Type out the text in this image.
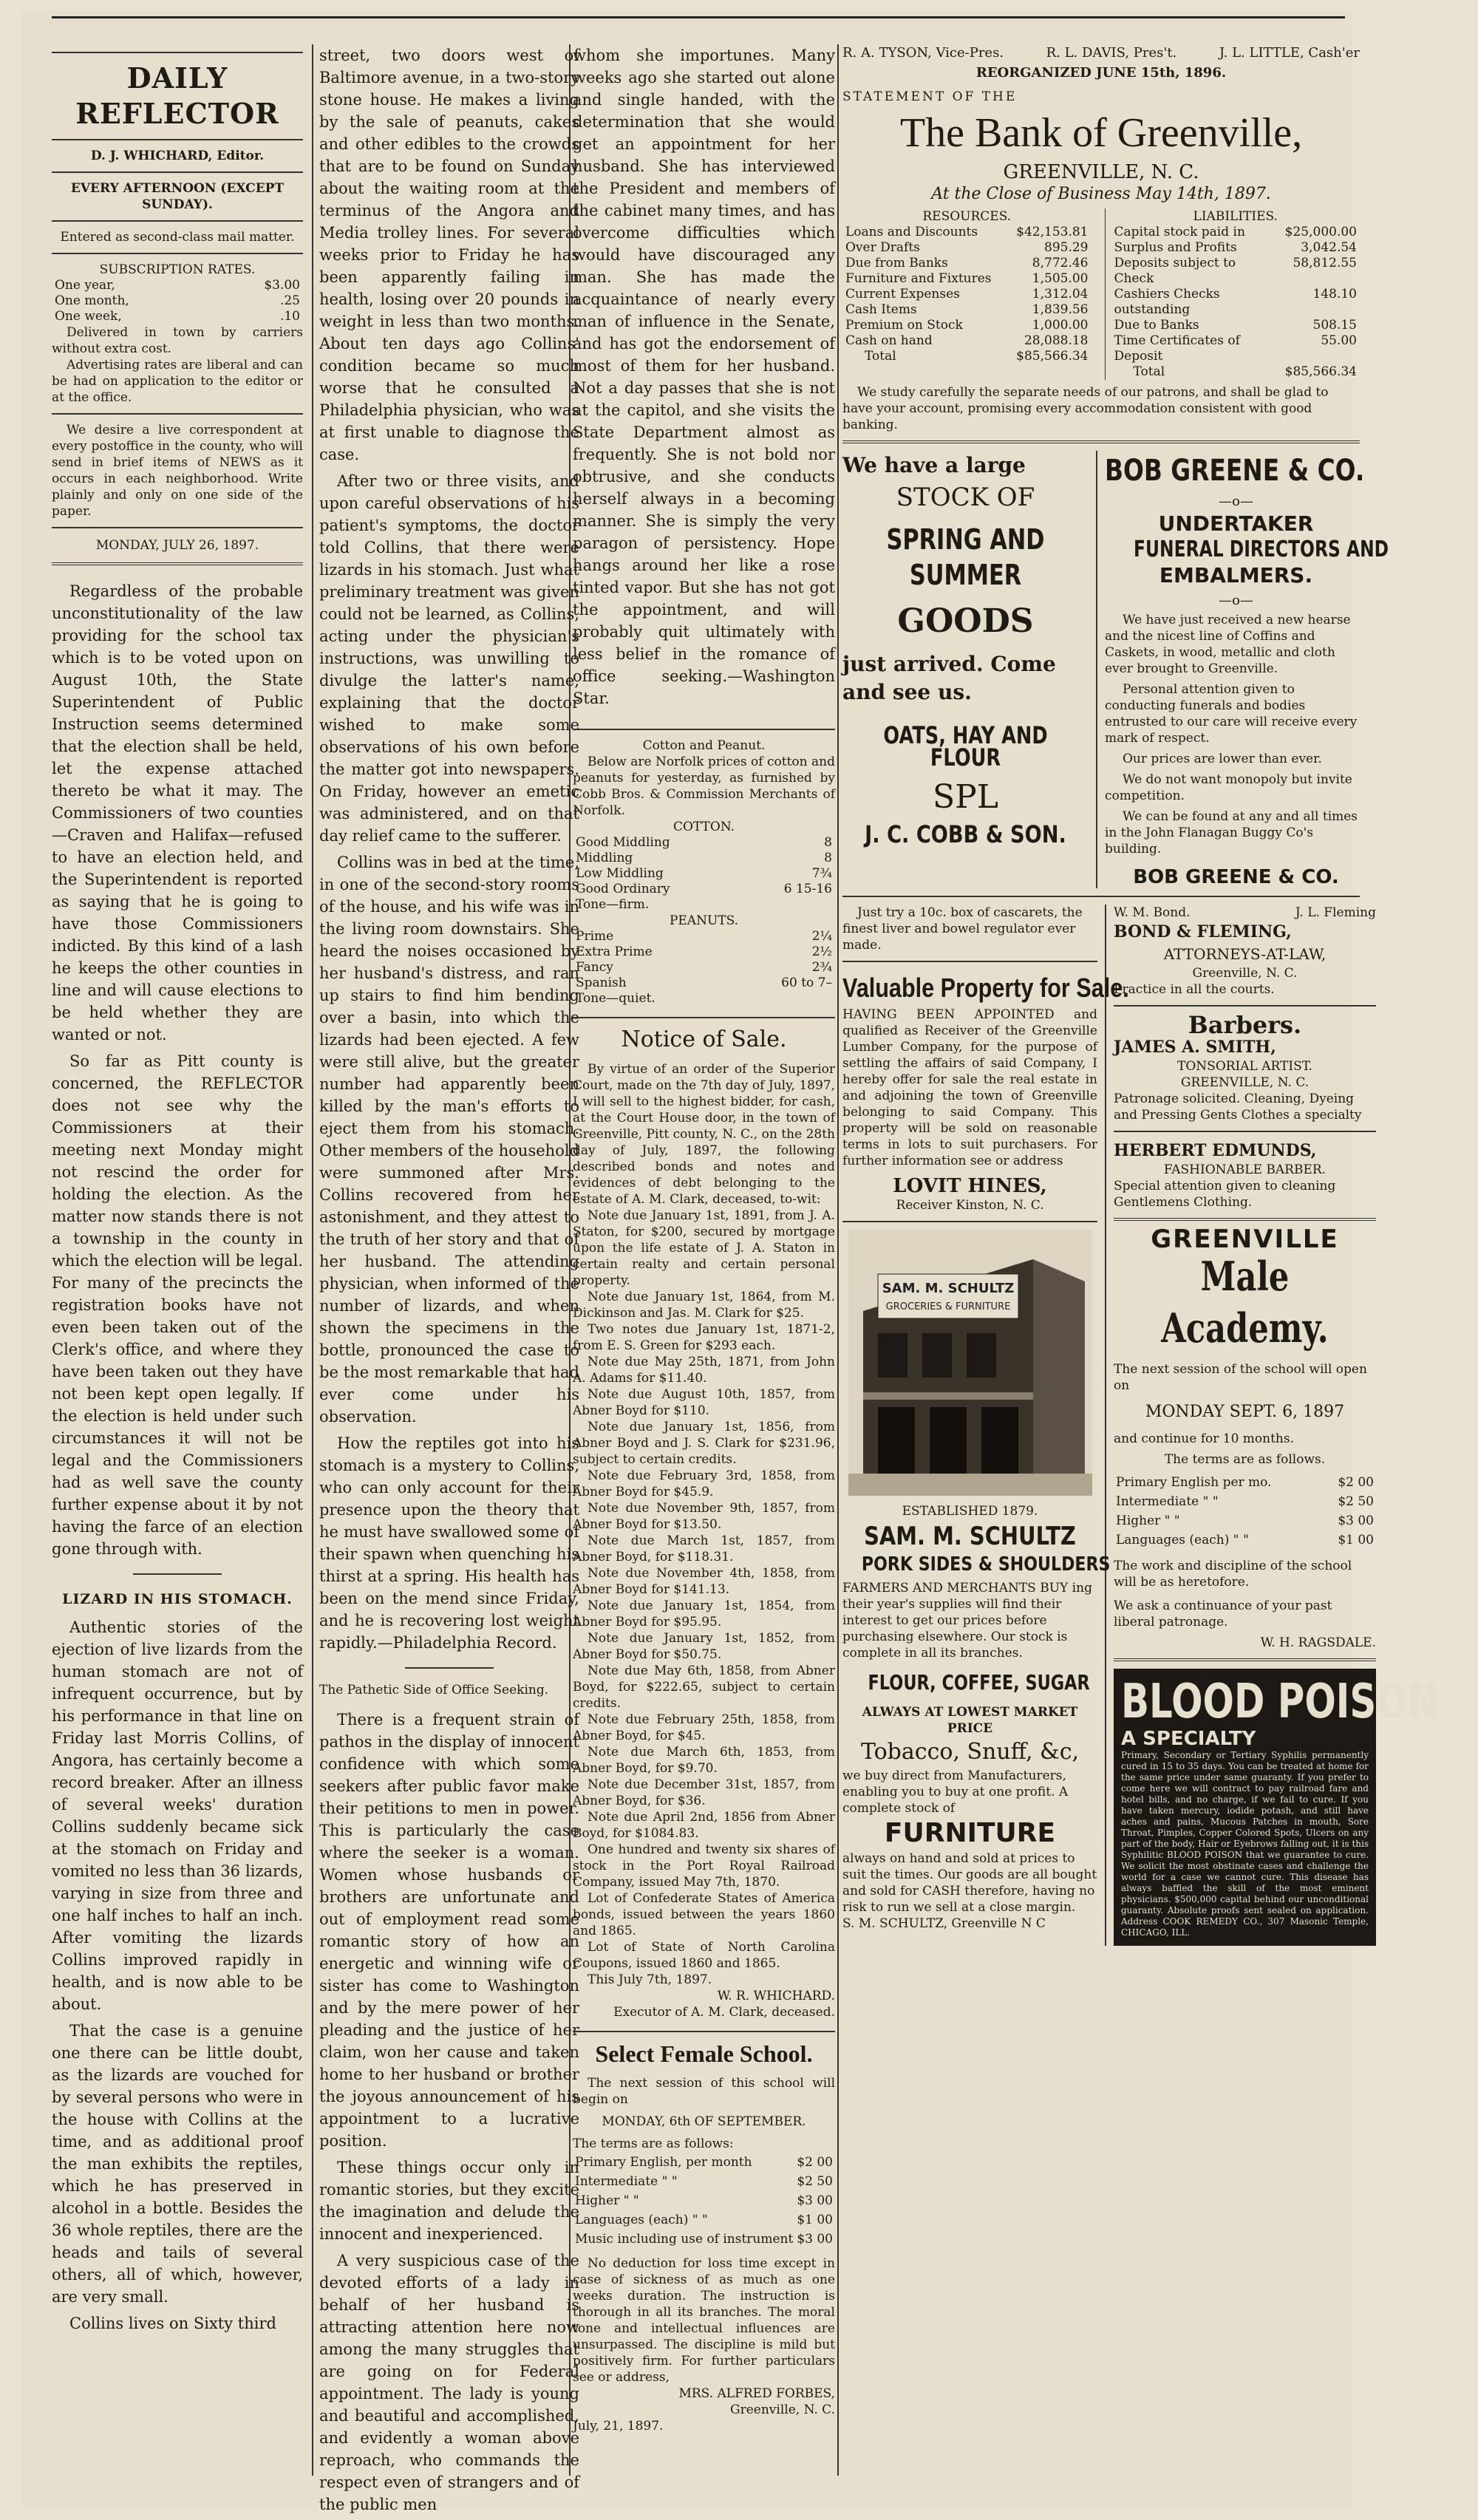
DAILY REFLECTOR
D. J. WHICHARD, Editor.
EVERY AFTERNOON (EXCEPT SUNDAY).
Entered as second-class mail matter.
SUBSCRIPTION RATES.
One year,	$3.00
One month,	.25
One week,	.10
Delivered in town by carriers without extra cost.
Advertising rates are liberal and can be had on application to the editor or at the office.
We desire a live correspondent at every postoffice in the county, who will send in brief items of NEWS as it occurs in each neighborhood. Write plainly and only on one side of the paper.
MONDAY, JULY 26, 1897.

Regardless of the probable unconstitutionality of the law providing for the school tax which is to be voted upon on August 10th, the State Superintendent of Public Instruction seems determined that the election shall be held, let the expense attached thereto be what it may. The Commissioners of two counties—Craven and Halifax—refused to have an election held, and the Superintendent is reported as saying that he is going to have those Commissioners indicted. By this kind of a lash he keeps the other counties in line and will cause elections to be held whether they are wanted or not.

So far as Pitt county is concerned, the REFLECTOR does not see why the Commissioners at their meeting next Monday might not rescind the order for holding the election. As the matter now stands there is not a township in the county in which the election will be legal. For many of the precincts the registration books have not even been taken out of the Clerk's office, and where they have been taken out they have not been kept open legally. If the election is held under such circumstances it will not be legal and the Commissioners had as well save the county further expense about it by not having the farce of an election gone through with.

LIZARD IN HIS STOMACH.

Authentic stories of the ejection of live lizards from the human stomach are not of infrequent occurrence, but by his performance in that line on Friday last Morris Collins, of Angora, has certainly become a record breaker. After an illness of several weeks' duration Collins suddenly became sick at the stomach on Friday and vomited no less than 36 lizards, varying in size from three and one half inches to half an inch. After vomiting the lizards Collins improved rapidly in health, and is now able to be about.

That the case is a genuine one there can be little doubt, as the lizards are vouched for by several persons who were in the house with Collins at the time, and as additional proof the man exhibits the reptiles, which he has preserved in alcohol in a bottle. Besides the 36 whole reptiles, there are the heads and tails of several others, all of which, however, are very small.

Collins lives on Sixty third

street, two doors west of Baltimore avenue, in a two-story stone house. He makes a living by the sale of peanuts, cakes and other edibles to the crowds that are to be found on Sunday about the waiting room at the terminus of the Angora and Media trolley lines. For several weeks prior to Friday he has been apparently failing in health, losing over 20 pounds in weight in less than two months. About ten days ago Collins' condition became so much worse that he consulted a Philadelphia physician, who was at first unable to diagnose the case.

After two or three visits, and upon careful observations of his patient's symptoms, the doctor told Collins, that there were lizards in his stomach. Just what preliminary treatment was given could not be learned, as Collins, acting under the physician's instructions, was unwilling to divulge the latter's name, explaining that the doctor wished to make some observations of his own before the matter got into newspapers. On Friday, however an emetic was administered, and on that day relief came to the sufferer.

Collins was in bed at the time, in one of the second-story rooms of the house, and his wife was in the living room downstairs. She heard the noises occasioned by her husband's distress, and ran up stairs to find him bending over a basin, into which the lizards had been ejected. A few were still alive, but the greater number had apparently been killed by the man's efforts to eject them from his stomach. Other members of the household were summoned after Mrs. Collins recovered from her astonishment, and they attest to the truth of her story and that of her husband. The attending physician, when informed of the number of lizards, and when shown the specimens in the bottle, pronounced the case to be the most remarkable that had ever come under his observation.

How the reptiles got into his stomach is a mystery to Collins, who can only account for their presence upon the theory that he must have swallowed some of their spawn when quenching his thirst at a spring. His health has been on the mend since Friday, and he is recovering lost weight rapidly.—Philadelphia Record.

The Pathetic Side of Office Seeking.

There is a frequent strain of pathos in the display of innocent confidence with which some seekers after public favor make their petitions to men in power. This is particularly the case where the seeker is a woman. Women whose husbands or brothers are unfortunate and out of employment read some romantic story of how an energetic and winning wife or sister has come to Washington and by the mere power of her pleading and the justice of her claim, won her cause and taken home to her husband or brother the joyous announcement of his appointment to a lucrative position.

These things occur only in romantic stories, but they excite the imagination and delude the innocent and inexperienced.

A very suspicious case of the devoted efforts of a lady in behalf of her husband is attracting attention here now among the many struggles that are going on for Federal appointment. The lady is young and beautiful and accomplished, and evidently a woman above reproach, who commands the respect even of strangers and of the public men

whom she importunes. Many weeks ago she started out alone and single handed, with the determination that she would get an appointment for her husband. She has interviewed the President and members of the cabinet many times, and has overcome difficulties which would have discouraged any man. She has made the acquaintance of nearly every man of influence in the Senate, and has got the endorsement of most of them for her husband. Not a day passes that she is not at the capitol, and she visits the State Department almost as frequently. She is not bold nor obtrusive, and she conducts herself always in a becoming manner. She is simply the very paragon of persistency. Hope hangs around her like a rose tinted vapor. But she has not got the appointment, and will probably quit ultimately with less belief in the romance of office seeking.—Washington Star.

Cotton and Peanut.
Below are Norfolk prices of cotton and peanuts for yesterday, as furnished by Cobb Bros. & Commission Merchants of Norfolk.
COTTON.
Good Middling	8
Middling	8
Low Middling	7¾
Good Ordinary	6 15-16
Tone—firm.	
PEANUTS.
Prime	2¼
Extra Prime	2½
Fancy	2¾
Spanish	60 to 7–
Tone—quiet.	
Notice of Sale.
By virtue of an order of the Superior Court, made on the 7th day of July, 1897, I will sell to the highest bidder, for cash, at the Court House door, in the town of Greenville, Pitt county, N. C., on the 28th day of July, 1897, the following described bonds and notes and evidences of debt belonging to the estate of A. M. Clark, deceased, to-wit:
Note due January 1st, 1891, from J. A. Staton, for $200, secured by mortgage upon the life estate of J. A. Staton in certain realty and certain personal property.
Note due January 1st, 1864, from M. Dickinson and Jas. M. Clark for $25.
Two notes due January 1st, 1871-2, from E. S. Green for $293 each.
Note due May 25th, 1871, from John A. Adams for $11.40.
Note due August 10th, 1857, from Abner Boyd for $110.
Note due January 1st, 1856, from Abner Boyd and J. S. Clark for $231.96, subject to certain credits.
Note due February 3rd, 1858, from Abner Boyd for $45.9.
Note due November 9th, 1857, from Abner Boyd for $13.50.
Note due March 1st, 1857, from Abner Boyd, for $118.31.
Note due November 4th, 1858, from Abner Boyd for $141.13.
Note due January 1st, 1854, from Abner Boyd for $95.95.
Note due January 1st, 1852, from Abner Boyd for $50.75.
Note due May 6th, 1858, from Abner Boyd, for $222.65, subject to certain credits.
Note due February 25th, 1858, from Abner Boyd, for $45.
Note due March 6th, 1853, from Abner Boyd, for $9.70.
Note due December 31st, 1857, from Abner Boyd, for $36.
Note due April 2nd, 1856 from Abner Boyd, for $1084.83.
One hundred and twenty six shares of stock in the Port Royal Railroad Company, issued May 7th, 1870.
Lot of Confederate States of America bonds, issued between the years 1860 and 1865.
Lot of State of North Carolina Coupons, issued 1860 and 1865.
This July 7th, 1897.
W. R. WHICHARD.
Executor of A. M. Clark, deceased.
Select Female School.
The next session of this school will begin on
MONDAY, 6th OF SEPTEMBER.
The terms are as follows:
Primary English, per month	$2 00
Intermediate " "	$2 50
Higher " "	$3 00
Languages (each) " "	$1 00
Music including use of instrument	$3 00
No deduction for loss time except in case of sickness of as much as one weeks duration. The instruction is thorough in all its branches. The moral tone and intellectual influences are unsurpassed. The discipline is mild but positively firm. For further particulars see or address,
MRS. ALFRED FORBES,
Greenville, N. C.
July, 21, 1897.
R. A. TYSON, Vice-Pres.	R. L. DAVIS, Pres't.	J. L. LITTLE, Cash'er
REORGANIZED JUNE 15th, 1896.
STATEMENT OF THE
The Bank of Greenville,
GREENVILLE, N. C.
At the Close of Business May 14th, 1897.
RESOURCES.
Loans and Discounts	$42,153.81
Over Drafts	895.29
Due from Banks	8,772.46
Furniture and Fixtures	1,505.00
Current Expenses	1,312.04
Cash Items	1,839.56
Premium on Stock	1,000.00
Cash on hand	28,088.18
Total	$85,566.34
LIABILITIES.
Capital stock paid in	$25,000.00
Surplus and Profits	3,042.54
Deposits subject to Check	58,812.55
Cashiers Checks outstanding	148.10
Due to Banks	508.15
Time Certificates of Deposit	55.00
Total	$85,566.34
We study carefully the separate needs of our patrons, and shall be glad to have your account, promising every accommodation consistent with good banking.
We have a large
STOCK OF
SPRING AND SUMMER
GOODS
just arrived. Come and see us.
OATS, HAY AND FLOUR
SPL
J. C. COBB & SON.
BOB GREENE & CO.
—o—
UNDERTAKER
FUNERAL DIRECTORS AND
EMBALMERS.
—o—

We have just received a new hearse and the nicest line of Coffins and Caskets, in wood, metallic and cloth ever brought to Greenville.

Personal attention given to conducting funerals and bodies entrusted to our care will receive every mark of respect.

Our prices are lower than ever.

We do not want monopoly but invite competition.

We can be found at any and all times in the John Flanagan Buggy Co's building.

BOB GREENE & CO.
Just try a 10c. box of cascarets, the finest liver and bowel regulator ever made.
Valuable Property for Sale.
HAVING BEEN APPOINTED and qualified as Receiver of the Greenville Lumber Company, for the purpose of settling the affairs of said Company, I hereby offer for sale the real estate in and adjoining the town of Greenville belonging to said Company. This property will be sold on reasonable terms in lots to suit purchasers. For further information see or address
LOVIT HINES,
Receiver Kinston, N. C.
SAM. M. SCHULTZ
GROCERIES & FURNITURE
ESTABLISHED 1879.
SAM. M. SCHULTZ
PORK SIDES & SHOULDERS
FARMERS AND MERCHANTS BUY ing their year's supplies will find their interest to get our prices before purchasing elsewhere. Our stock is complete in all its branches.
FLOUR, COFFEE, SUGAR
ALWAYS AT LOWEST MARKET PRICE
Tobacco, Snuff, &c,
we buy direct from Manufacturers, enabling you to buy at one profit. A complete stock of
FURNITURE
always on hand and sold at prices to suit the times. Our goods are all bought and sold for CASH therefore, having no risk to run we sell at a close margin.
S. M. SCHULTZ, Greenville N C
W. M. Bond.	J. L. Fleming
BOND & FLEMING,
ATTORNEYS-AT-LAW,
Greenville, N. C.
Practice in all the courts.
Barbers.
JAMES A. SMITH,
TONSORIAL ARTIST.
GREENVILLE, N. C.
Patronage solicited. Cleaning, Dyeing and Pressing Gents Clothes a specialty
HERBERT EDMUNDS,
FASHIONABLE BARBER.
Special attention given to cleaning Gentlemens Clothing.
GREENVILLE
Male Academy.
The next session of the school will open on
MONDAY SEPT. 6, 1897
and continue for 10 months.
The terms are as follows.
Primary English per mo.	$2 00
Intermediate " "	$2 50
Higher " "	$3 00
Languages (each) " "	$1 00
The work and discipline of the school will be as heretofore.
We ask a continuance of your past liberal patronage.
W. H. RAGSDALE.
BLOOD POISON
A SPECIALTY
Primary, Secondary or Tertiary Syphilis permanently cured in 15 to 35 days. You can be treated at home for the same price under same guaranty. If you prefer to come here we will contract to pay railroad fare and hotel bills, and no charge, if we fail to cure. If you have taken mercury, iodide potash, and still have aches and pains, Mucous Patches in mouth, Sore Throat, Pimples, Copper Colored Spots, Ulcers on any part of the body, Hair or Eyebrows falling out, it is this Syphilitic BLOOD POISON that we guarantee to cure. We solicit the most obstinate cases and challenge the world for a case we cannot cure. This disease has always baffled the skill of the most eminent physicians. $500,000 capital behind our unconditional guaranty. Absolute proofs sent sealed on application. Address COOK REMEDY CO., 307 Masonic Temple, CHICAGO, ILL.
